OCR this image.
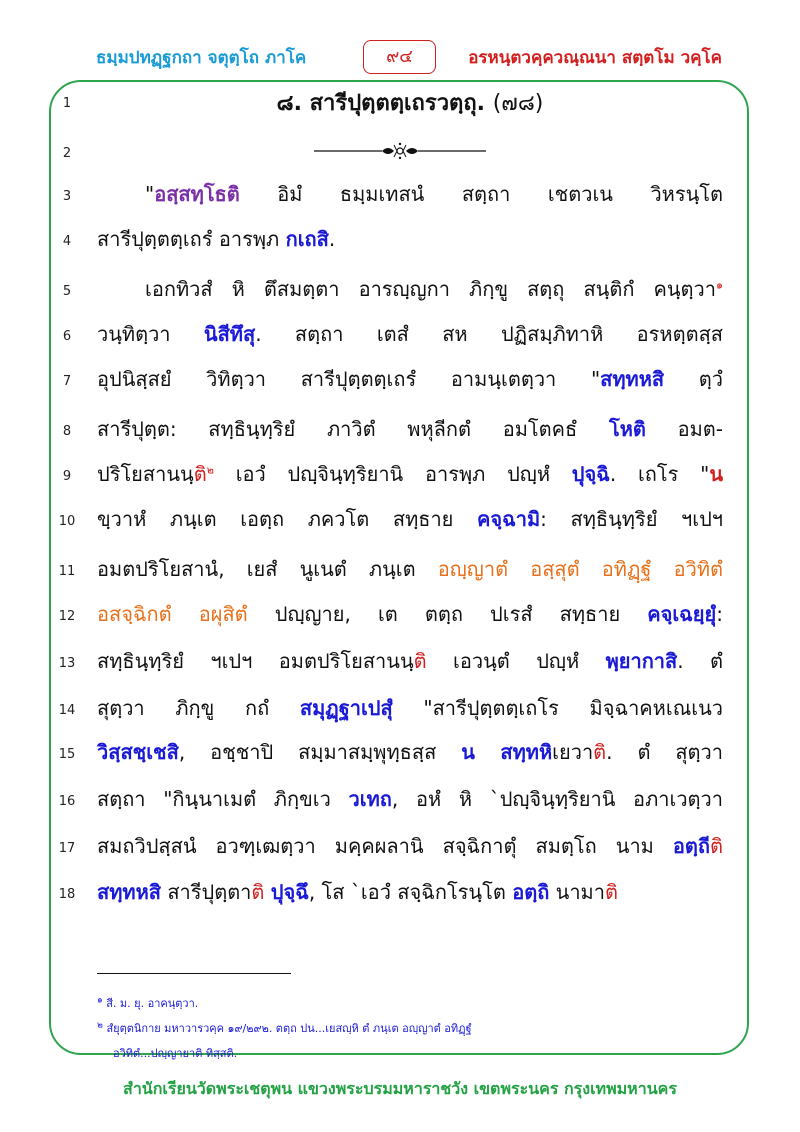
ธมฺมปทฏฺฐกถา จตุตฺโถ ภาโค	๙๔	อรหนฺตวคฺควณฺณนา สตฺตโม วคฺโค
1
2
3
4
5
6
7
8
9
10
11
12
13
14
15
16
17
18
๘. สารีปุตฺตตฺเถรวตฺถุ. (๗๘)
"อสฺสทฺโธติ อิมํ ธมฺมเทสนํ สตฺถา เชตวเน วิหรนฺโต
สารีปุตฺตตฺเถรํ อารพฺภ กเถสิ.
เอกทิวสํ หิ ตึสมตฺตา อารญฺญกา ภิกฺขู สตฺถุ สนฺติกํ คนฺตฺวา$^๑$
วนฺทิตฺวา นิสีทึสุ. สตฺถา เตสํ สห ปฏิสมฺภิทาหิ อรหตฺตสฺส
อุปนิสฺสยํ วิทิตฺวา สารีปุตฺตตฺเถรํ อามนฺเตตฺวา "สทฺทหสิ ตฺวํ
สารีปุตฺต: สทฺธินฺทฺริยํ ภาวิตํ พหุลีกตํ อมโตคธํ โหติ อมต-
ปริโยสานนฺติ$^๒$ เอวํ ปญฺจินฺทฺริยานิ อารพฺภ ปญฺหํ ปุจฺฉิ. เถโร "น
ขฺวาหํ ภนฺเต เอตฺถ ภควโต สทฺธาย คจฺฉามิ: สทฺธินฺทฺริยํ ฯเปฯ
อมตปริโยสานํ, เยสํ นูเนตํ ภนฺเต อญฺญาตํ อสฺสุตํ อทิฏฺฐํ อวิทิตํ
อสจฺฉิกตํ อผุสิตํ ปญฺญาย, เต ตตฺถ ปเรสํ สทฺธาย คจฺเฉยฺยุํ:
สทฺธินฺทฺริยํ ฯเปฯ อมตปริโยสานนฺติ เอวนฺตํ ปญฺหํ พฺยากาสิ. ตํ
สุตฺวา ภิกฺขู กถํ สมุฏฺฐาเปสุํ "สารีปุตฺตตฺเถโร มิจฺฉาคหเณเนว
วิสฺสชฺเชสิ, อชฺชาปิ สมฺมาสมฺพุทฺธสฺส น สทฺทหิเยวาติ. ตํ สุตฺวา
สตฺถา "กินฺนาเมตํ ภิกฺขเว วเทถ, อหํ หิ `ปญฺจินฺทฺริยานิ อภาเวตฺวา
สมถวิปสฺสนํ อวฑฺเฒตฺวา มคฺคผลานิ สจฺฉิกาตุํ สมตฺโถ นาม อตฺถีติ
สทฺทหสิ สารีปุตฺตาติ ปุจฺฉึ, โส `เอวํ สจฺฉิกโรนฺโต อตฺถิ นามาติ
$^๑$ สี. ม. ยุ. อาคนฺตฺวา.
$^๒$ สํยุตฺตนิกาย มหาวารวคฺค ๑๙/๒๙๒. ตตฺถ ปน...เยสญฺหิ ตํ ภนฺเต อญฺญาตํ อทิฏฺฐํ
อวิทิตํ...ปญฺญายาติ ทิสฺสติ.
สำนักเรียนวัดพระเชตุพน แขวงพระบรมมหาราชวัง เขตพระนคร กรุงเทพมหานคร
